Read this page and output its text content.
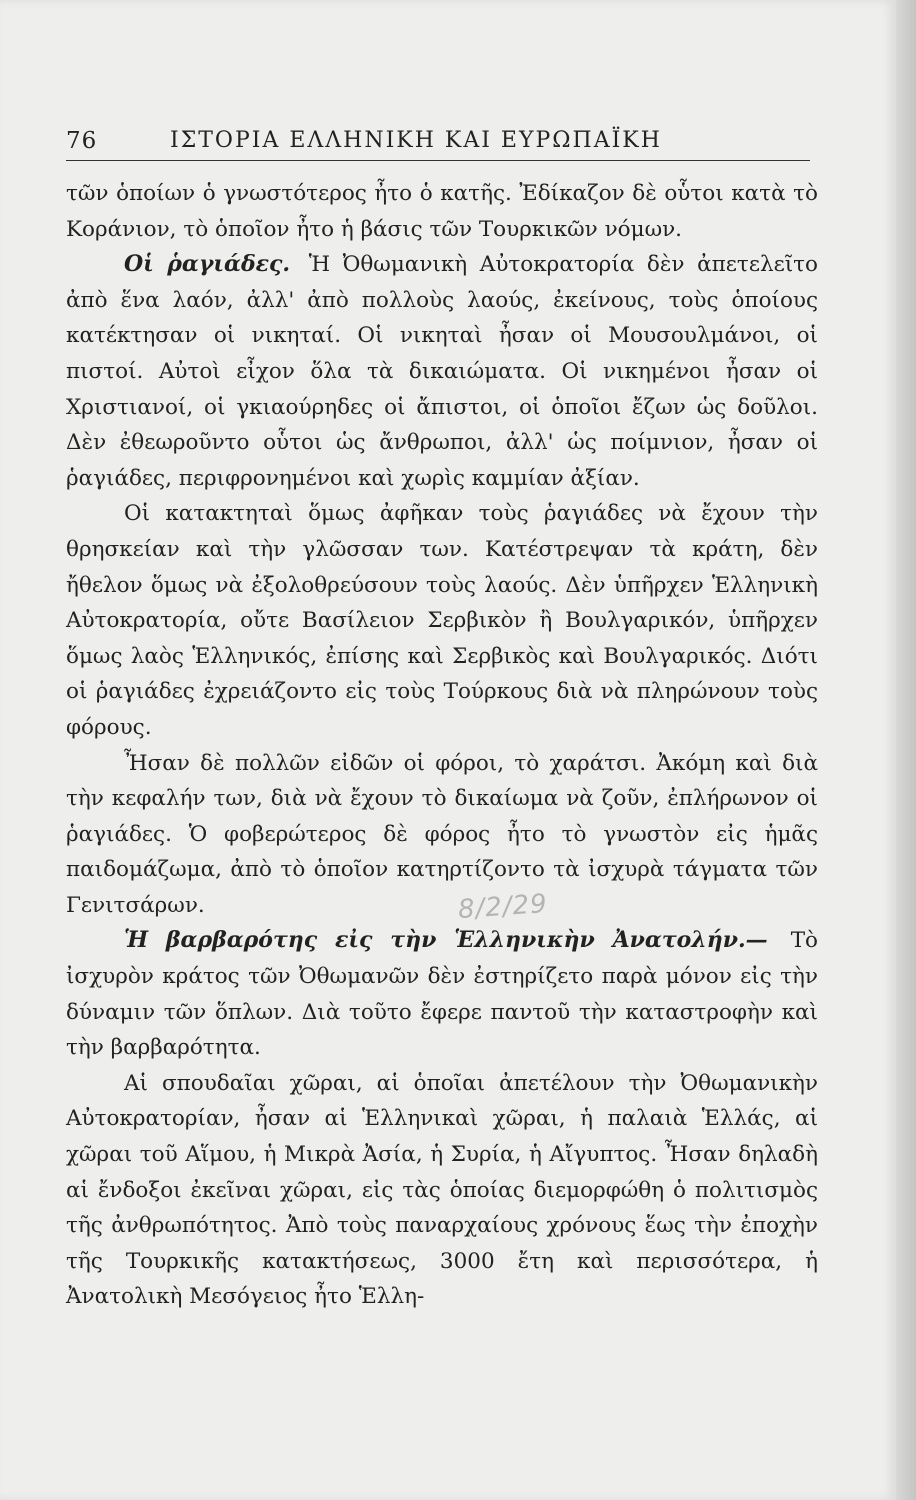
76	ΙΣΤΟΡΙΑ ΕΛΛΗΝΙΚΗ ΚΑΙ ΕΥΡΩΠΑΪΚΗ

τῶν ὁποίων ὁ γνωστότερος ἦτο ὁ κατῆς. Ἐδίκαζον δὲ οὗτοι κατὰ τὸ Κοράνιον, τὸ ὁποῖον ἦτο ἡ βάσις τῶν Τουρκικῶν νόμων.

Οἱ ῥαγιάδες. Ἡ Ὀθωμανικὴ Αὐτοκρατορία δὲν ἀπετελεῖτο ἀπὸ ἕνα λαόν, ἀλλ' ἀπὸ πολλοὺς λαούς, ἐκείνους, τοὺς ὁποίους κατέκτησαν οἱ νικηταί. Οἱ νικηταὶ ἦσαν οἱ Μουσουλμάνοι, οἱ πιστοί. Αὐτοὶ εἶχον ὅλα τὰ δικαιώματα. Οἱ νικημένοι ἦσαν οἱ Χριστιανοί, οἱ γκιαούρηδες οἱ ἄπιστοι, οἱ ὁποῖοι ἔζων ὡς δοῦλοι. Δὲν ἐθεωροῦντο οὗτοι ὡς ἄνθρωποι, ἀλλ' ὡς ποίμνιον, ἦσαν οἱ ῥαγιάδες, περιφρονημένοι καὶ χωρὶς καμμίαν ἀξίαν.

Οἱ κατακτηταὶ ὅμως ἀφῆκαν τοὺς ῥαγιάδες νὰ ἔχουν τὴν θρησκείαν καὶ τὴν γλῶσσαν των. Κατέστρεψαν τὰ κράτη, δὲν ἤθελον ὅμως νὰ ἐξολοθρεύσουν τοὺς λαούς. Δὲν ὑπῆρχεν Ἑλληνικὴ Αὐτοκρατορία, οὔτε Βασίλειον Σερβικὸν ἢ Βουλγαρικόν, ὑπῆρχεν ὅμως λαὸς Ἑλληνικός, ἐπίσης καὶ Σερβικὸς καὶ Βουλγαρικός. Διότι οἱ ῥαγιάδες ἐχρειάζοντο εἰς τοὺς Τούρκους διὰ νὰ πληρώνουν τοὺς φόρους.

Ἦσαν δὲ πολλῶν εἰδῶν οἱ φόροι, τὸ χαράτσι. Ἀκόμη καὶ διὰ τὴν κεφαλήν των, διὰ νὰ ἔχουν τὸ δικαίωμα νὰ ζοῦν, ἐπλήρωνον οἱ ῥαγιάδες. Ὁ φοβερώτερος δὲ φόρος ἦτο τὸ γνωστὸν εἰς ἡμᾶς παιδομάζωμα, ἀπὸ τὸ ὁποῖον κατηρτίζοντο τὰ ἰσχυρὰ τάγματα τῶν Γενιτσάρων.

Ἡ βαρβαρότης εἰς τὴν Ἑλληνικὴν Ἀνατολήν.— Τὸ ἰσχυρὸν κράτος τῶν Ὀθωμανῶν δὲν ἐστηρίζετο παρὰ μόνον εἰς τὴν δύναμιν τῶν ὅπλων. Διὰ τοῦτο ἔφερε παντοῦ τὴν καταστροφὴν καὶ τὴν βαρβαρότητα.

Αἱ σπουδαῖαι χῶραι, αἱ ὁποῖαι ἀπετέλουν τὴν Ὀθωμανικὴν Αὐτοκρατορίαν, ἦσαν αἱ Ἑλληνικαὶ χῶραι, ἡ παλαιὰ Ἑλλάς, αἱ χῶραι τοῦ Αἵμου, ἡ Μικρὰ Ἀσία, ἡ Συρία, ἡ Αἴγυπτος. Ἦσαν δηλαδὴ αἱ ἔνδοξοι ἐκεῖναι χῶραι, εἰς τὰς ὁποίας διεμορφώθη ὁ πολιτισμὸς τῆς ἀνθρωπότητος. Ἀπὸ τοὺς παναρχαίους χρόνους ἕως τὴν ἐποχὴν τῆς Τουρκικῆς κατακτήσεως, 3000 ἔτη καὶ περισσότερα, ἡ Ἀνατολικὴ Μεσόγειος ἦτο Ἑλλη-

8/2/29
